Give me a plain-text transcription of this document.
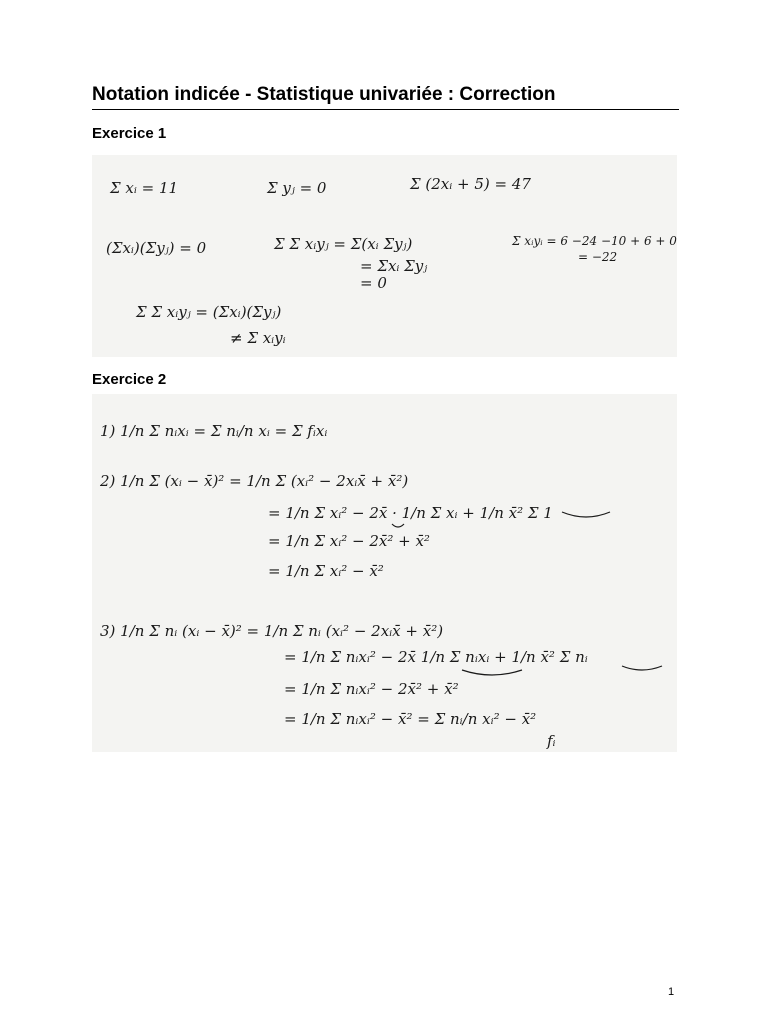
Notation indicée - Statistique univariée : Correction
Exercice 1
Σ xᵢ = 11	Σ yⱼ = 0	Σ (2xᵢ + 5) = 47
(Σxᵢ)(Σyⱼ) = 0	Σ Σ xᵢyⱼ = Σ(xᵢ Σyⱼ)
= Σxᵢ Σyⱼ
= 0
Σ xᵢyᵢ = 6 −24 −10 + 6 + 0
= −22
Σ Σ xᵢyⱼ = (Σxᵢ)(Σyⱼ)
≠ Σ xᵢyᵢ
Exercice 2
1) 1/n Σ nᵢxᵢ = Σ nᵢ/n xᵢ = Σ fᵢxᵢ
2) 1/n Σ (xᵢ − x̄)² = 1/n Σ (xᵢ² − 2xᵢx̄ + x̄²)
= 1/n Σ xᵢ² − 2x̄ · 1/n Σ xᵢ + 1/n x̄² Σ 1
= 1/n Σ xᵢ² − 2x̄² + x̄²
= 1/n Σ xᵢ² − x̄²
3) 1/n Σ nᵢ (xᵢ − x̄)² = 1/n Σ nᵢ (xᵢ² − 2xᵢx̄ + x̄²)
= 1/n Σ nᵢxᵢ² − 2x̄ 1/n Σ nᵢxᵢ + 1/n x̄² Σ nᵢ
= 1/n Σ nᵢxᵢ² − 2x̄² + x̄²
= 1/n Σ nᵢxᵢ² − x̄² = Σ nᵢ/n xᵢ² − x̄²
fᵢ
1
